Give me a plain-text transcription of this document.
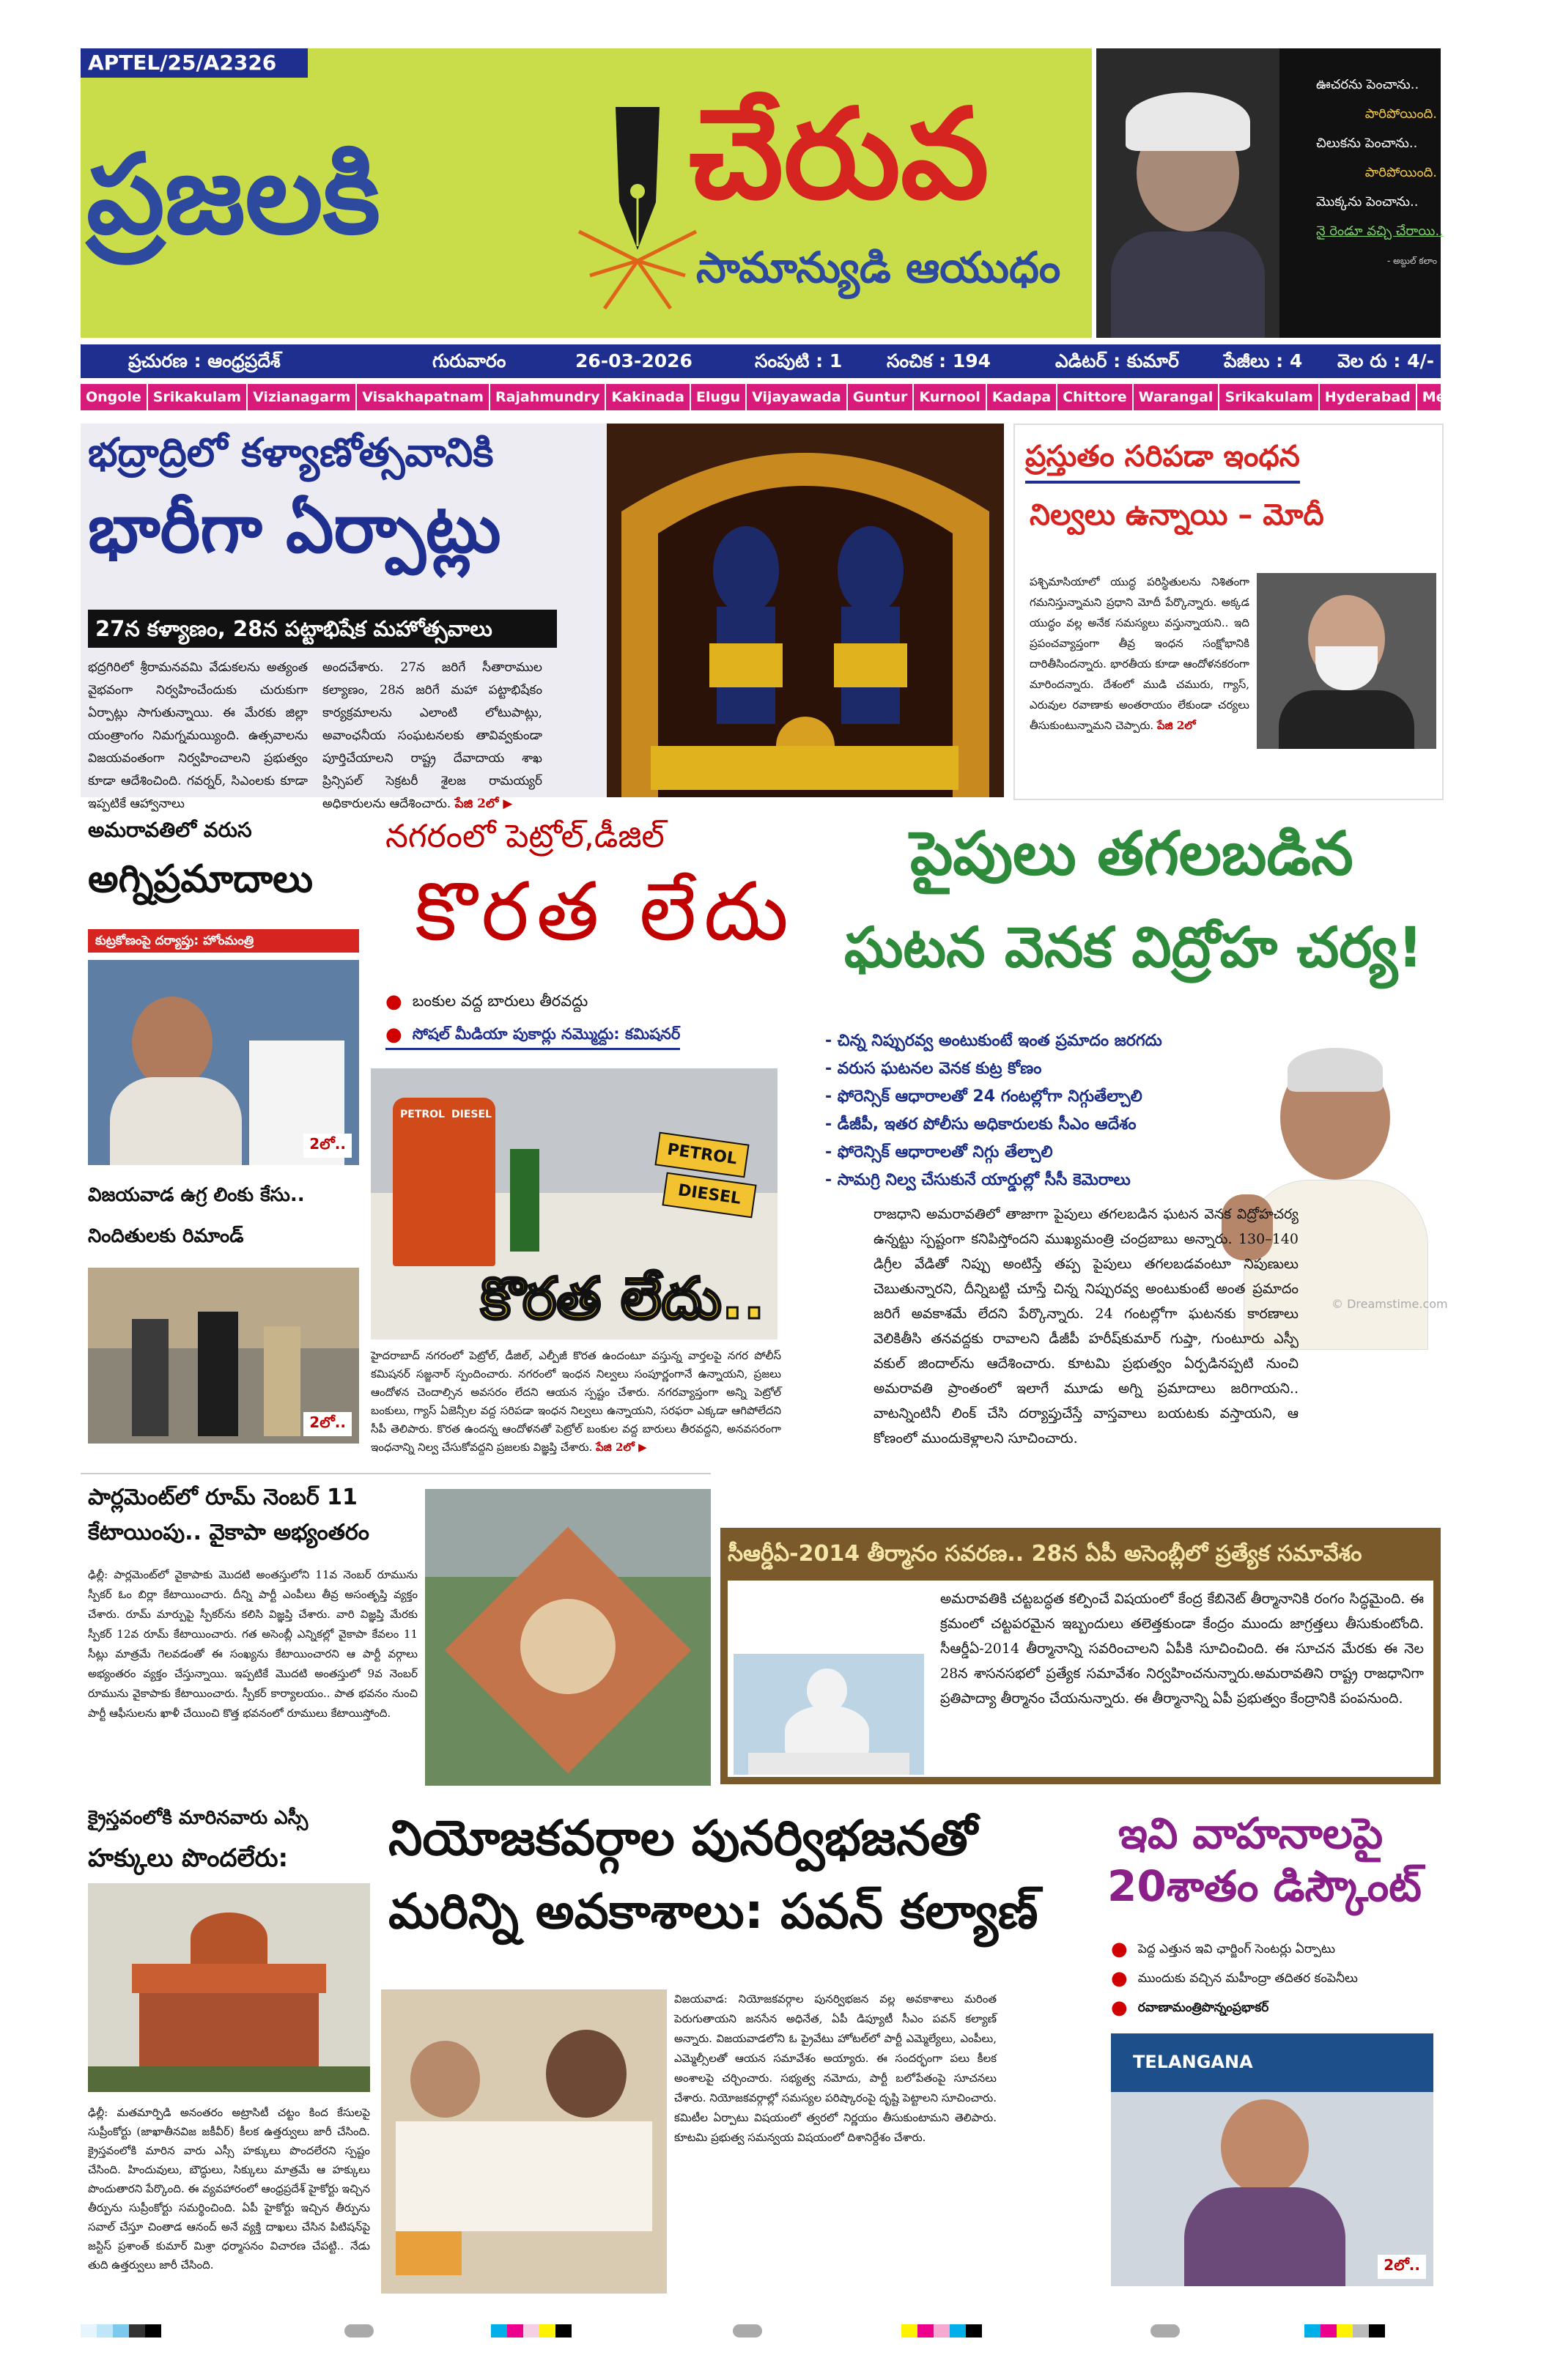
APTEL/25/A2326
ప్రజలకి చేరువ
సామాన్యుడి ఆయుధం
ఊచరను పెంచాను..
పారిపోయింది.
చిలుకను పెంచాను..
పారిపోయింది.
మొక్కను పెంచాను..
నై రెండూ వచ్చి చేరాయి..
- అబ్దుల్ కలాం
ప్రచురణ : ఆంధ్రప్రదేశ్	గురువారం	26-03-2026	సంపుటి : 1 సంచిక : 194	ఎడిటర్ : కుమార్ పేజీలు : 4 వెల రు : 4/-
Ongole Srikakulam Vizianagarm Visakhapatnam Rajahmundry Kakinada Elugu Vijayawada Guntur Kurnool Kadapa Chittore Warangal Srikakulam Hyderabad Mehabubanagar
భద్రాద్రిలో కళ్యాణోత్సవానికి
భారీగా ఏర్పాట్లు
27న కళ్యాణం, 28న పట్టాభిషేక మహోత్సవాలు
భద్రగిరిలో శ్రీరామనవమి వేడుకలను అత్యంత వైభవంగా నిర్వహించేందుకు చురుకుగా ఏర్పాట్లు సాగుతున్నాయి. ఈ మేరకు జిల్లా యంత్రాంగం నిమగ్నమయ్యింది. ఉత్సవాలను విజయవంతంగా నిర్వహించాలని ప్రభుత్వం కూడా ఆదేశించింది. గవర్నర్, సిఎంలకు కూడా ఇప్పటికే ఆహ్వానాలు
అందచేశారు. 27న జరిగే సీతారాముల కల్యాణం, 28న జరిగే మహా పట్టాభిషేకం కార్యక్రమాలను ఎలాంటి లోటుపాట్లు, అవాంఛనీయ సంఘటనలకు తావివ్వకుండా పూర్తిచేయాలని రాష్ట్ర దేవాదాయ శాఖ ప్రిన్సిపల్ సెక్రటరీ శైలజ రామయ్యర్ అధికారులను ఆదేశించారు. పేజి 2లో ▶
ప్రస్తుతం సరిపడా ఇంధన
నిల్వలు ఉన్నాయి – మోదీ
పశ్చిమాసియాలో యుద్ధ పరిస్థితులను నిశితంగా గమనిస్తున్నామని ప్రధాని మోదీ పేర్కొన్నారు. అక్కడ యుద్ధం వల్ల అనేక సమస్యలు వస్తున్నాయని.. ఇది ప్రపంచవ్యాప్తంగా తీవ్ర ఇంధన సంక్షోభానికి దారితీసిందన్నారు. భారతీయ కూడా ఆందోళనకరంగా మారిందన్నారు. దేశంలో ముడి చమురు, గ్యాస్, ఎరువుల రవాణాకు అంతరాయం లేకుండా చర్యలు తీసుకుంటున్నామని చెప్పారు. పేజి 2లో
అమరావతిలో వరుస
అగ్నిప్రమాదాలు
కుట్రకోణంపై దర్యాప్తు: హోంమంత్రి
2లో..
విజయవాడ ఉగ్ర లింకు కేసు..
నిందితులకు రిమాండ్
2లో..
నగరంలో పెట్రోల్,డీజిల్
కొరత లేదు
● బంకుల వద్ద బారులు తీరవద్దు
● సోషల్ మీడియా పుకార్లు నమ్మొద్దు: కమిషనర్
PETROL DIESEL
PETROL
DIESEL
కొరత లేదు..
హైదరాబాద్ నగరంలో పెట్రోల్, డీజిల్, ఎల్పీజీ కొరత ఉందంటూ వస్తున్న వార్తలపై నగర పోలీస్ కమిషనర్ సజ్జనార్ స్పందించారు. నగరంలో ఇంధన నిల్వలు సంపూర్ణంగానే ఉన్నాయని, ప్రజలు ఆందోళన చెందాల్సిన అవసరం లేదని ఆయన స్పష్టం చేశారు. నగరవ్యాప్తంగా అన్ని పెట్రోల్ బంకులు, గ్యాస్ ఏజెన్సీల వద్ద సరిపడా ఇంధన నిల్వలు ఉన్నాయని, సరఫరా ఎక్కడా ఆగిపోలేదని సీపీ తెలిపారు. కొరత ఉందన్న ఆందోళనతో పెట్రోల్ బంకుల వద్ద బారులు తీరవద్దని, అనవసరంగా ఇంధనాన్ని నిల్వ చేసుకోవద్దని ప్రజలకు విజ్ఞప్తి చేశారు. పేజి 2లో ▶
పైపులు తగలబడిన
ఘటన వెనక విద్రోహ చర్య!
- చిన్న నిప్పురవ్వ అంటుకుంటే ఇంత ప్రమాదం జరగదు
- వరుస ఘటనల వెనక కుట్ర కోణం
- ఫోరెన్సిక్ ఆధారాలతో 24 గంటల్లోగా నిగ్గుతేల్చాలి
- డీజీపీ, ఇతర పోలీసు అధికారులకు సీఎం ఆదేశం
- ఫోరెన్సిక్ ఆధారాలతో నిగ్గు తేల్చాలి
- సామగ్రి నిల్వ చేసుకునే యార్డుల్లో సీసీ కెమెరాలు
© Dreamstime.com
రాజధాని అమరావతిలో తాజాగా పైపులు తగలబడిన ఘటన వెనక విద్రోహచర్య ఉన్నట్టు స్పష్టంగా కనిపిస్తోందని ముఖ్యమంత్రి చంద్రబాబు అన్నారు. 130–140 డిగ్రీల వేడితో నిప్పు అంటిస్తే తప్ప పైపులు తగలబడవంటూ నిపుణులు చెబుతున్నారని, దీన్నిబట్టి చూస్తే చిన్న నిప్పురవ్వ అంటుకుంటే అంత ప్రమాదం జరిగే అవకాశమే లేదని పేర్కొన్నారు. 24 గంటల్లోగా ఘటనకు కారణాలు వెలికితీసి తనవద్దకు రావాలని డీజీపీ హరీష్‌కుమార్ గుప్తా, గుంటూరు ఎస్పీ వకుల్ జిందాల్‌ను ఆదేశించారు. కూటమి ప్రభుత్వం ఏర్పడినప్పటి నుంచి అమరావతి ప్రాంతంలో ఇలాగే మూడు అగ్ని ప్రమాదాలు జరిగాయని.. వాటన్నింటినీ లింక్ చేసి దర్యాప్తుచేస్తే వాస్తవాలు బయటకు వస్తాయని, ఆ కోణంలో ముందుకెళ్లాలని సూచించారు.
పార్లమెంట్‌లో రూమ్ నెంబర్ 11
కేటాయింపు.. వైకాపా అభ్యంతరం
ఢిల్లీ: పార్లమెంట్‌లో వైకాపాకు మొదటి అంతస్తులోని 11వ నెంబర్ రూమును స్పీకర్ ఓం బిర్లా కేటాయించారు. దీన్ని పార్టీ ఎంపీలు తీవ్ర అసంతృప్తి వ్యక్తం చేశారు. రూమ్ మార్పుపై స్పీకర్‌ను కలిసి విజ్ఞప్తి చేశారు. వారి విజ్ఞప్తి మేరకు స్పీకర్ 12వ రూమ్ కేటాయించారు. గత అసెంబ్లీ ఎన్నికల్లో వైకాపా కేవలం 11 సీట్లు మాత్రమే గెలవడంతో ఈ సంఖ్యను కేటాయించారని ఆ పార్టీ వర్గాలు అభ్యంతరం వ్యక్తం చేస్తున్నాయి. ఇప్పటికే మొదటి అంతస్తులో 9వ నెంబర్ రూమును వైకాపాకు కేటాయించారు. స్పీకర్ కార్యాలయం.. పాత భవనం నుంచి పార్టీ ఆఫీసులను ఖాళీ చేయించి కొత్త భవనంలో రూములు కేటాయిస్తోంది.
సీఆర్డీఏ-2014 తీర్మానం సవరణ.. 28న ఏపీ అసెంబ్లీలో ప్రత్యేక సమావేశం
అమరావతికి చట్టబద్ధత కల్పించే విషయంలో కేంద్ర కేబినెట్ తీర్మానానికి రంగం సిద్ధమైంది. ఈ క్రమంలో చట్టపరమైన ఇబ్బందులు తలెత్తకుండా కేంద్రం ముందు జాగ్రత్తలు తీసుకుంటోంది. సీఆర్డీఏ-2014 తీర్మానాన్ని సవరించాలని ఏపీకి సూచించింది. ఈ సూచన మేరకు ఈ నెల 28న శాసనసభలో ప్రత్యేక సమావేశం నిర్వహించనున్నారు.అమరావతిని రాష్ట్ర రాజధానిగా ప్రతిపాద్యా తీర్మానం చేయనున్నారు. ఈ తీర్మానాన్ని ఏపీ ప్రభుత్వం కేంద్రానికి పంపనుంది.
క్రైస్తవంలోకి మారినవారు ఎస్సీ
హక్కులు పొందలేరు:
ఢిల్లీ: మతమార్పిడి అనంతరం అట్రాసిటీ చట్టం కింద కేసులపై సుప్రీంకోర్టు (జాఖాతీనవిజ జకీవీర్) కీలక ఉత్తర్వులు జారీ చేసింది. క్రైస్తవంలోకి మారిన వారు ఎస్సీ హక్కులు పొందలేరని స్పష్టం చేసింది. హిందువులు, బౌద్ధులు, సిక్కులు మాత్రమే ఆ హక్కులు పొందుతారని పేర్కొంది. ఈ వ్యవహారంలో ఆంధ్రప్రదేశ్ హైకోర్టు ఇచ్చిన తీర్పును సుప్రీంకోర్టు సమర్థించింది. ఏపీ హైకోర్టు ఇచ్చిన తీర్పును సవాల్ చేస్తూ చింతాడ ఆనంద్ అనే వ్యక్తి దాఖలు చేసిన పిటిషన్‌పై జస్టిస్ ప్రశాంత్ కుమార్ మిశ్రా ధర్మాసనం విచారణ చేపట్టి.. నేడు తుది ఉత్తర్వులు జారీ చేసింది.
నియోజకవర్గాల పునర్విభజనతో
మరిన్ని అవకాశాలు: పవన్ కల్యాణ్
విజయవాడ: నియోజకవర్గాల పునర్విభజన వల్ల అవకాశాలు మరింత పెరుగుతాయని జనసేన అధినేత, ఏపీ డిప్యూటీ సీఎం పవన్ కల్యాణ్ అన్నారు. విజయవాడలోని ఓ ప్రైవేటు హోటల్‌లో పార్టీ ఎమ్మెల్యేలు, ఎంపీలు, ఎమ్మెల్సీలతో ఆయన సమావేశం అయ్యారు. ఈ సందర్భంగా పలు కీలక అంశాలపై చర్చించారు. సభ్యత్వ నమోదు, పార్టీ బలోపేతంపై సూచనలు చేశారు. నియోజకవర్గాల్లో సమస్యల పరిష్కారంపై దృష్టి పెట్టాలని సూచించారు. కమిటీల ఏర్పాటు విషయంలో త్వరలో నిర్ణయం తీసుకుంటామని తెలిపారు. కూటమి ప్రభుత్వ సమన్వయ విషయంలో దిశానిర్దేశం చేశారు.
ఇవి వాహనాలపై
20శాతం డిస్కౌంట్
● పెద్ద ఎత్తున ఇవి ఛార్జింగ్ సెంటర్లు ఏర్పాటు
● ముందుకు వచ్చిన మహీంద్రా తదితర కంపెనీలు
● రవాణామంత్రిపొన్నంప్రభాకర్
TELANGANA
2లో..
